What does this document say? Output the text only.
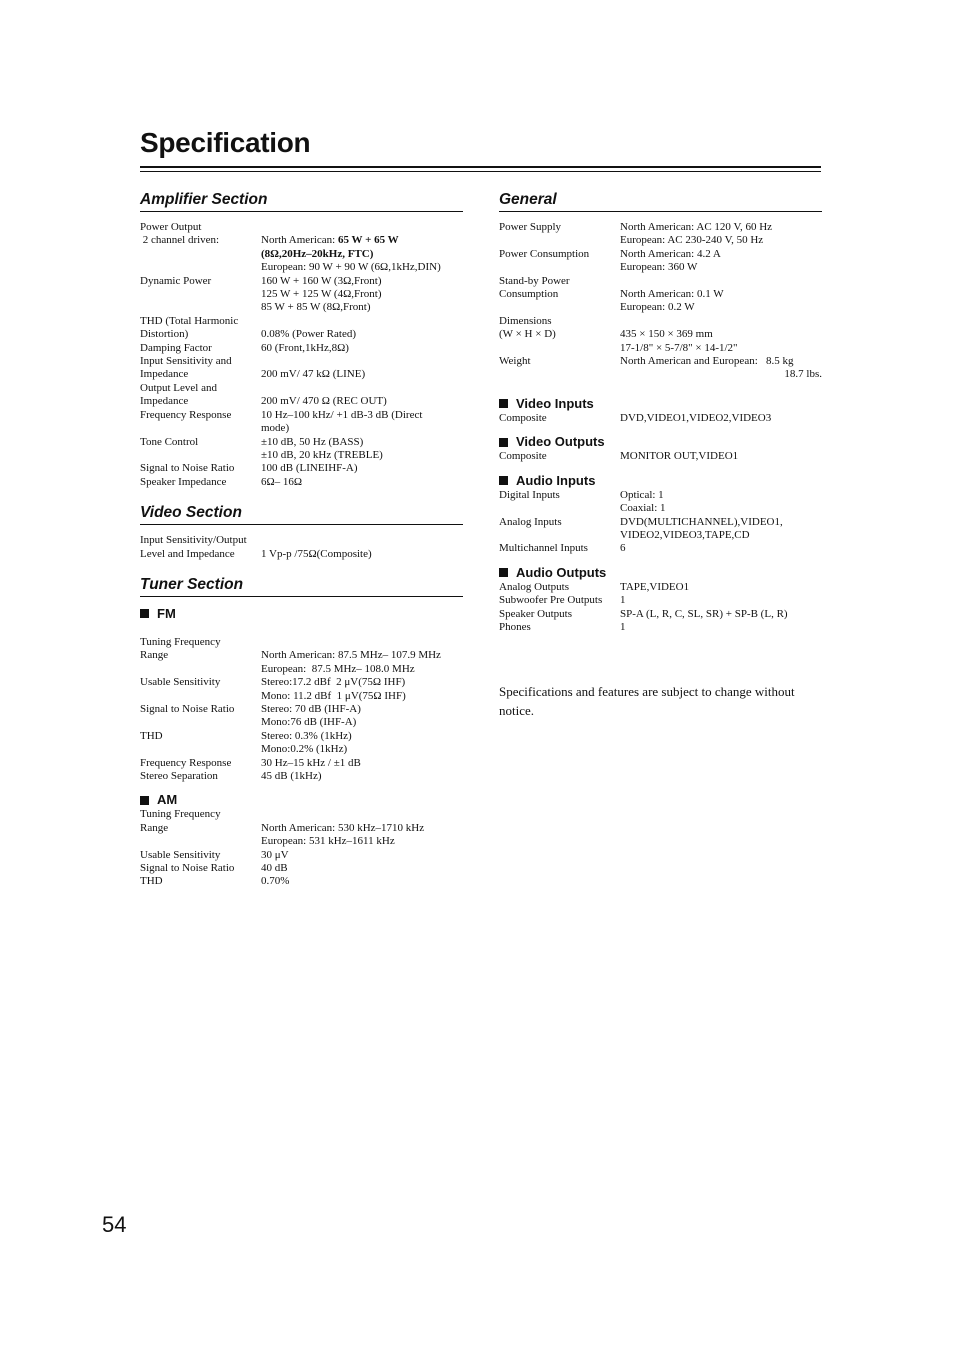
Specification
Amplifier Section
Power Output
2 channel driven:	North American: 65 W + 65 W
(8Ω,20Hz–20kHz, FTC)
European: 90 W + 90 W (6Ω,1kHz,DIN)
Dynamic Power	160 W + 160 W (3Ω,Front)
125 W + 125 W (4Ω,Front)
85 W + 85 W (8Ω,Front)
THD (Total Harmonic
Distortion)	0.08% (Power Rated)
Damping Factor	60 (Front,1kHz,8Ω)
Input Sensitivity and
Impedance	200 mV/ 47 kΩ (LINE)
Output Level and
Impedance	200 mV/ 470 Ω (REC OUT)
Frequency Response	10 Hz–100 kHz/ +1 dB-3 dB (Direct
mode)
Tone Control	±10 dB, 50 Hz (BASS)
±10 dB, 20 kHz (TREBLE)
Signal to Noise Ratio	100 dB (LINEIHF-A)
Speaker Impedance	6Ω– 16Ω
Video Section
Input Sensitivity/Output
Level and Impedance	1 Vp-p /75Ω(Composite)
Tuner Section
FM
Tuning Frequency
Range	North American: 87.5 MHz– 107.9 MHz
European:  87.5 MHz– 108.0 MHz
Usable Sensitivity	Stereo:17.2 dBf  2 μV(75Ω IHF)
Mono: 11.2 dBf  1 μV(75Ω IHF)
Signal to Noise Ratio	Stereo: 70 dB (IHF-A)
Mono:76 dB (IHF-A)
THD	Stereo: 0.3% (1kHz)
Mono:0.2% (1kHz)
Frequency Response	30 Hz–15 kHz / ±1 dB
Stereo Separation	45 dB (1kHz)
AM
Tuning Frequency
Range	North American: 530 kHz–1710 kHz
European: 531 kHz–1611 kHz
Usable Sensitivity	30 μV
Signal to Noise Ratio	40 dB
THD	0.70%
General
Power Supply	North American: AC 120 V, 60 Hz
European: AC 230-240 V, 50 Hz
Power Consumption	North American: 4.2 A
European: 360 W
Stand-by Power
Consumption	North American: 0.1 W
European: 0.2 W
Dimensions
(W × H × D)	435 × 150 × 369 mm
17-1/8" × 5-7/8" × 14-1/2"
Weight	North American and European:   8.5 kg
18.7 lbs.
Video Inputs
Composite	DVD,VIDEO1,VIDEO2,VIDEO3
Video Outputs
Composite	MONITOR OUT,VIDEO1
Audio Inputs
Digital Inputs	Optical: 1
Coaxial: 1
Analog Inputs	DVD(MULTICHANNEL),VIDEO1,
VIDEO2,VIDEO3,TAPE,CD
Multichannel Inputs	6
Audio Outputs
Analog Outputs	TAPE,VIDEO1
Subwoofer Pre Outputs	1
Speaker Outputs	SP-A (L, R, C, SL, SR) + SP-B (L, R)
Phones	1

Specifications and features are subject to change without notice.

54
